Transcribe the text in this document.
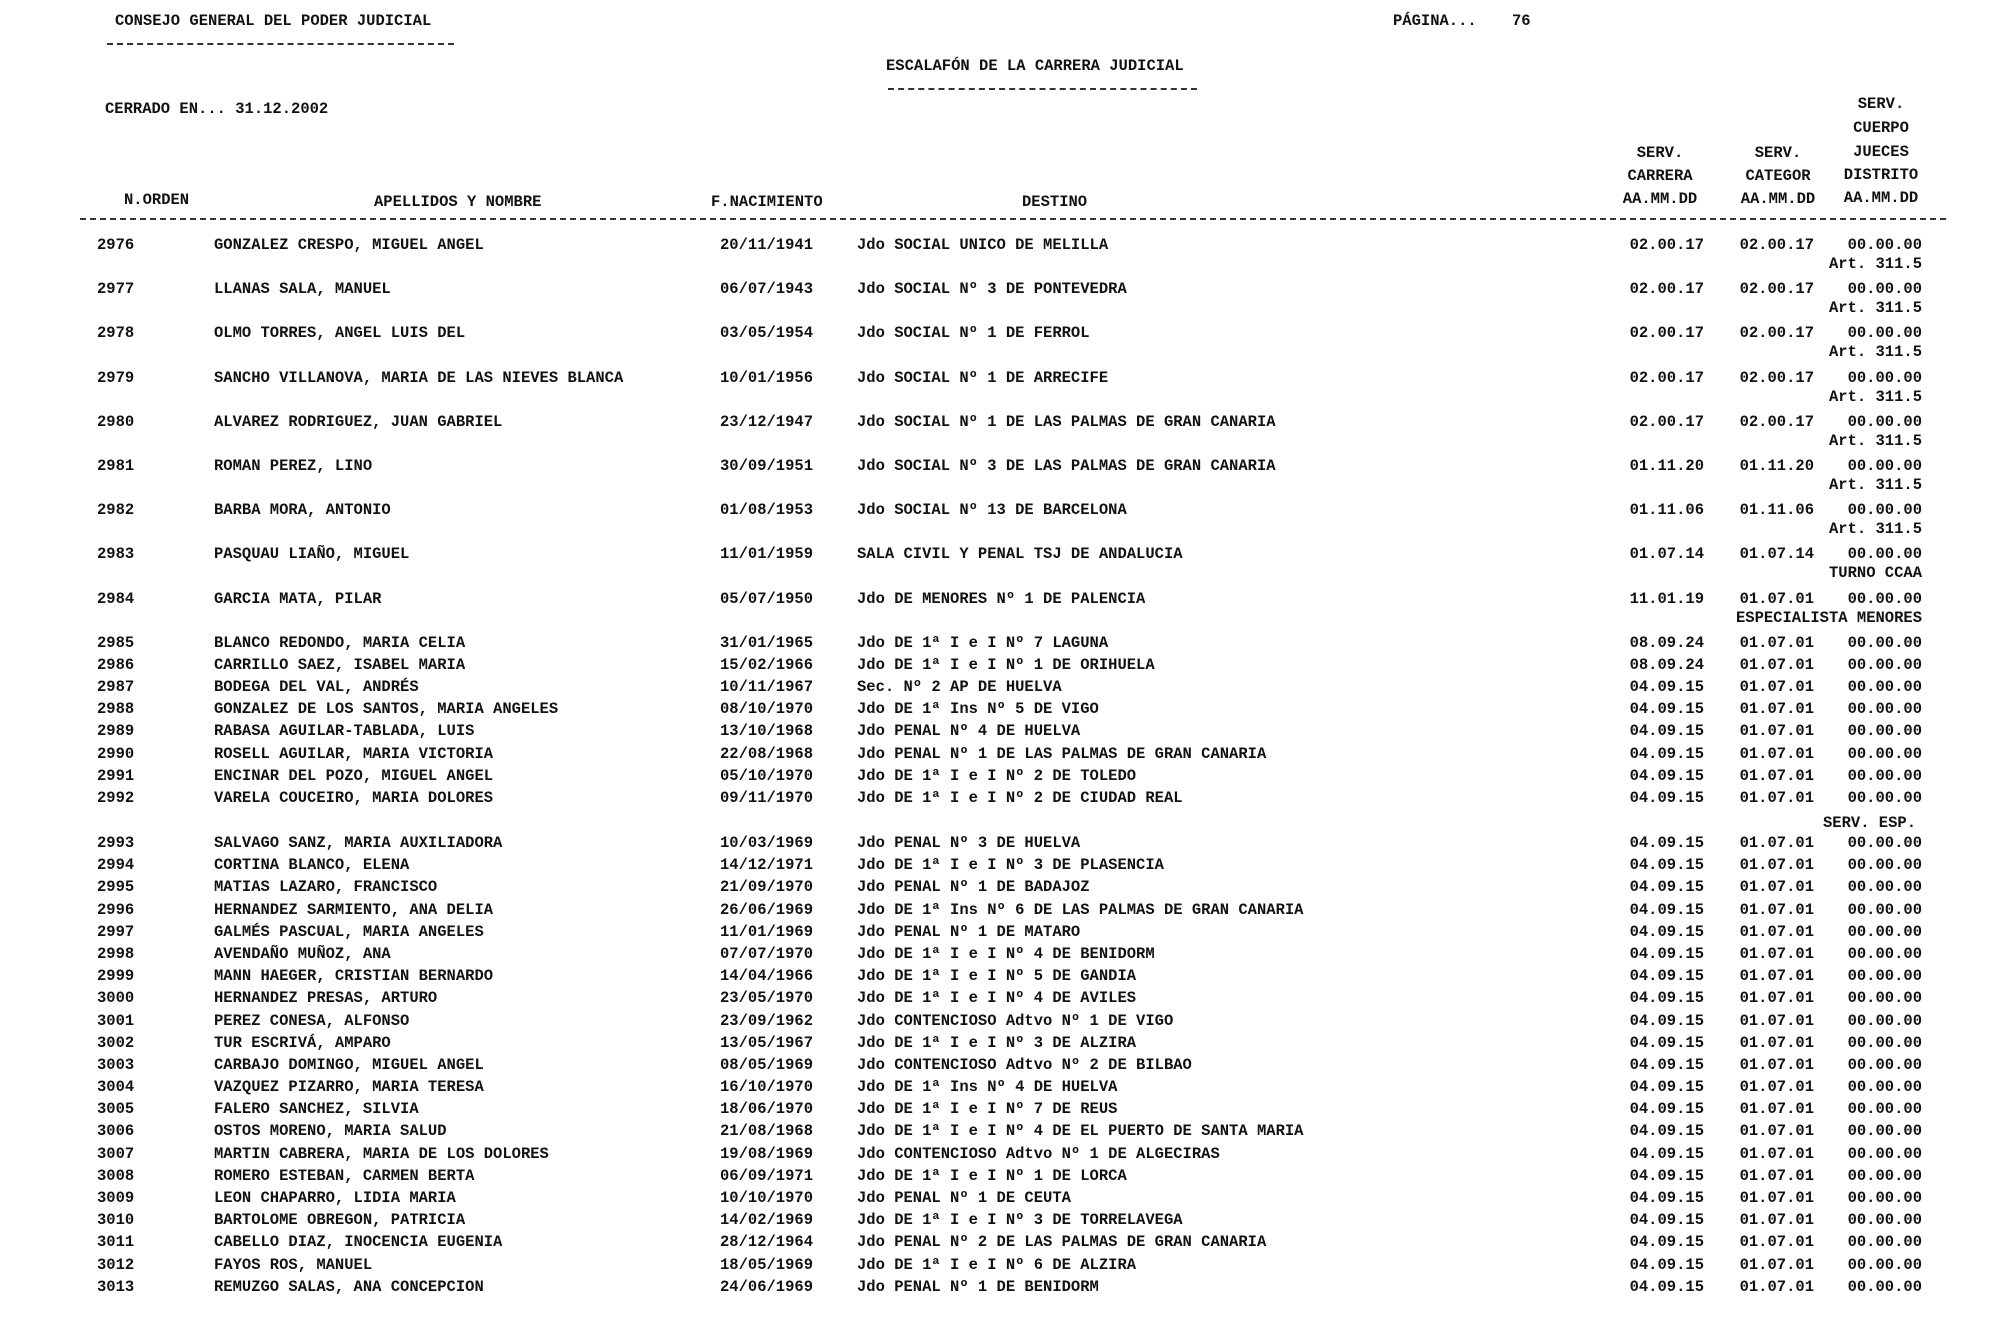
CONSEJO GENERAL DEL PODER JUDICIAL	PÁGINA... 76
ESCALAFÓN DE LA CARRERA JUDICIAL
CERRADO EN... 31.12.2002
N.ORDEN	APELLIDOS Y NOMBRE	F.NACIMIENTO	DESTINO
SERV.
CARRERA
AA.MM.DD
SERV.
CATEGOR
AA.MM.DD
SERV.
CUERPO
JUECES
DISTRITO
AA.MM.DD
2976	GONZALEZ CRESPO, MIGUEL ANGEL	20/11/1941	Jdo SOCIAL UNICO DE MELILLA	02.00.17 02.00.17 00.00.00
Art. 311.5
2977	LLANAS SALA, MANUEL	06/07/1943	Jdo SOCIAL Nº 3 DE PONTEVEDRA	02.00.17 02.00.17 00.00.00
Art. 311.5
2978	OLMO TORRES, ANGEL LUIS DEL	03/05/1954	Jdo SOCIAL Nº 1 DE FERROL	02.00.17 02.00.17 00.00.00
Art. 311.5
2979	SANCHO VILLANOVA, MARIA DE LAS NIEVES BLANCA	10/01/1956	Jdo SOCIAL Nº 1 DE ARRECIFE	02.00.17 02.00.17 00.00.00
Art. 311.5
2980	ALVAREZ RODRIGUEZ, JUAN GABRIEL	23/12/1947	Jdo SOCIAL Nº 1 DE LAS PALMAS DE GRAN CANARIA	02.00.17 02.00.17 00.00.00
Art. 311.5
2981	ROMAN PEREZ, LINO	30/09/1951	Jdo SOCIAL Nº 3 DE LAS PALMAS DE GRAN CANARIA	01.11.20 01.11.20 00.00.00
Art. 311.5
2982	BARBA MORA, ANTONIO	01/08/1953	Jdo SOCIAL Nº 13 DE BARCELONA	01.11.06 01.11.06 00.00.00
Art. 311.5
2983	PASQUAU LIAÑO, MIGUEL	11/01/1959	SALA CIVIL Y PENAL TSJ DE ANDALUCIA	01.07.14 01.07.14 00.00.00
TURNO CCAA
2984	GARCIA MATA, PILAR	05/07/1950	Jdo DE MENORES Nº 1 DE PALENCIA	11.01.19 01.07.01 00.00.00
ESPECIALISTA MENORES
2985	BLANCO REDONDO, MARIA CELIA	31/01/1965	Jdo DE 1ª I e I Nº 7 LAGUNA	08.09.24 01.07.01 00.00.00
2986	CARRILLO SAEZ, ISABEL MARIA	15/02/1966	Jdo DE 1ª I e I Nº 1 DE ORIHUELA	08.09.24 01.07.01 00.00.00
2987	BODEGA DEL VAL, ANDRÉS	10/11/1967	Sec. Nº 2 AP DE HUELVA	04.09.15 01.07.01 00.00.00
2988	GONZALEZ DE LOS SANTOS, MARIA ANGELES	08/10/1970	Jdo DE 1ª Ins Nº 5 DE VIGO	04.09.15 01.07.01 00.00.00
2989	RABASA AGUILAR-TABLADA, LUIS	13/10/1968	Jdo PENAL Nº 4 DE HUELVA	04.09.15 01.07.01 00.00.00
2990	ROSELL AGUILAR, MARIA VICTORIA	22/08/1968	Jdo PENAL Nº 1 DE LAS PALMAS DE GRAN CANARIA	04.09.15 01.07.01 00.00.00
2991	ENCINAR DEL POZO, MIGUEL ANGEL	05/10/1970	Jdo DE 1ª I e I Nº 2 DE TOLEDO	04.09.15 01.07.01 00.00.00
2992	VARELA COUCEIRO, MARIA DOLORES	09/11/1970	Jdo DE 1ª I e I Nº 2 DE CIUDAD REAL	04.09.15 01.07.01 00.00.00
SERV. ESP.
2993	SALVAGO SANZ, MARIA AUXILIADORA	10/03/1969	Jdo PENAL Nº 3 DE HUELVA	04.09.15 01.07.01 00.00.00
2994	CORTINA BLANCO, ELENA	14/12/1971	Jdo DE 1ª I e I Nº 3 DE PLASENCIA	04.09.15 01.07.01 00.00.00
2995	MATIAS LAZARO, FRANCISCO	21/09/1970	Jdo PENAL Nº 1 DE BADAJOZ	04.09.15 01.07.01 00.00.00
2996	HERNANDEZ SARMIENTO, ANA DELIA	26/06/1969	Jdo DE 1ª Ins Nº 6 DE LAS PALMAS DE GRAN CANARIA	04.09.15 01.07.01 00.00.00
2997	GALMÉS PASCUAL, MARIA ANGELES	11/01/1969	Jdo PENAL Nº 1 DE MATARO	04.09.15 01.07.01 00.00.00
2998	AVENDAÑO MUÑOZ, ANA	07/07/1970	Jdo DE 1ª I e I Nº 4 DE BENIDORM	04.09.15 01.07.01 00.00.00
2999	MANN HAEGER, CRISTIAN BERNARDO	14/04/1966	Jdo DE 1ª I e I Nº 5 DE GANDIA	04.09.15 01.07.01 00.00.00
3000	HERNANDEZ PRESAS, ARTURO	23/05/1970	Jdo DE 1ª I e I Nº 4 DE AVILES	04.09.15 01.07.01 00.00.00
3001	PEREZ CONESA, ALFONSO	23/09/1962	Jdo CONTENCIOSO Adtvo Nº 1 DE VIGO	04.09.15 01.07.01 00.00.00
3002	TUR ESCRIVÁ, AMPARO	13/05/1967	Jdo DE 1ª I e I Nº 3 DE ALZIRA	04.09.15 01.07.01 00.00.00
3003	CARBAJO DOMINGO, MIGUEL ANGEL	08/05/1969	Jdo CONTENCIOSO Adtvo Nº 2 DE BILBAO	04.09.15 01.07.01 00.00.00
3004	VAZQUEZ PIZARRO, MARIA TERESA	16/10/1970	Jdo DE 1ª Ins Nº 4 DE HUELVA	04.09.15 01.07.01 00.00.00
3005	FALERO SANCHEZ, SILVIA	18/06/1970	Jdo DE 1ª I e I Nº 7 DE REUS	04.09.15 01.07.01 00.00.00
3006	OSTOS MORENO, MARIA SALUD	21/08/1968	Jdo DE 1ª I e I Nº 4 DE EL PUERTO DE SANTA MARIA	04.09.15 01.07.01 00.00.00
3007	MARTIN CABRERA, MARIA DE LOS DOLORES	19/08/1969	Jdo CONTENCIOSO Adtvo Nº 1 DE ALGECIRAS	04.09.15 01.07.01 00.00.00
3008	ROMERO ESTEBAN, CARMEN BERTA	06/09/1971	Jdo DE 1ª I e I Nº 1 DE LORCA	04.09.15 01.07.01 00.00.00
3009	LEON CHAPARRO, LIDIA MARIA	10/10/1970	Jdo PENAL Nº 1 DE CEUTA	04.09.15 01.07.01 00.00.00
3010	BARTOLOME OBREGON, PATRICIA	14/02/1969	Jdo DE 1ª I e I Nº 3 DE TORRELAVEGA	04.09.15 01.07.01 00.00.00
3011	CABELLO DIAZ, INOCENCIA EUGENIA	28/12/1964	Jdo PENAL Nº 2 DE LAS PALMAS DE GRAN CANARIA	04.09.15 01.07.01 00.00.00
3012	FAYOS ROS, MANUEL	18/05/1969	Jdo DE 1ª I e I Nº 6 DE ALZIRA	04.09.15 01.07.01 00.00.00
3013	REMUZGO SALAS, ANA CONCEPCION	24/06/1969	Jdo PENAL Nº 1 DE BENIDORM	04.09.15 01.07.01 00.00.00
